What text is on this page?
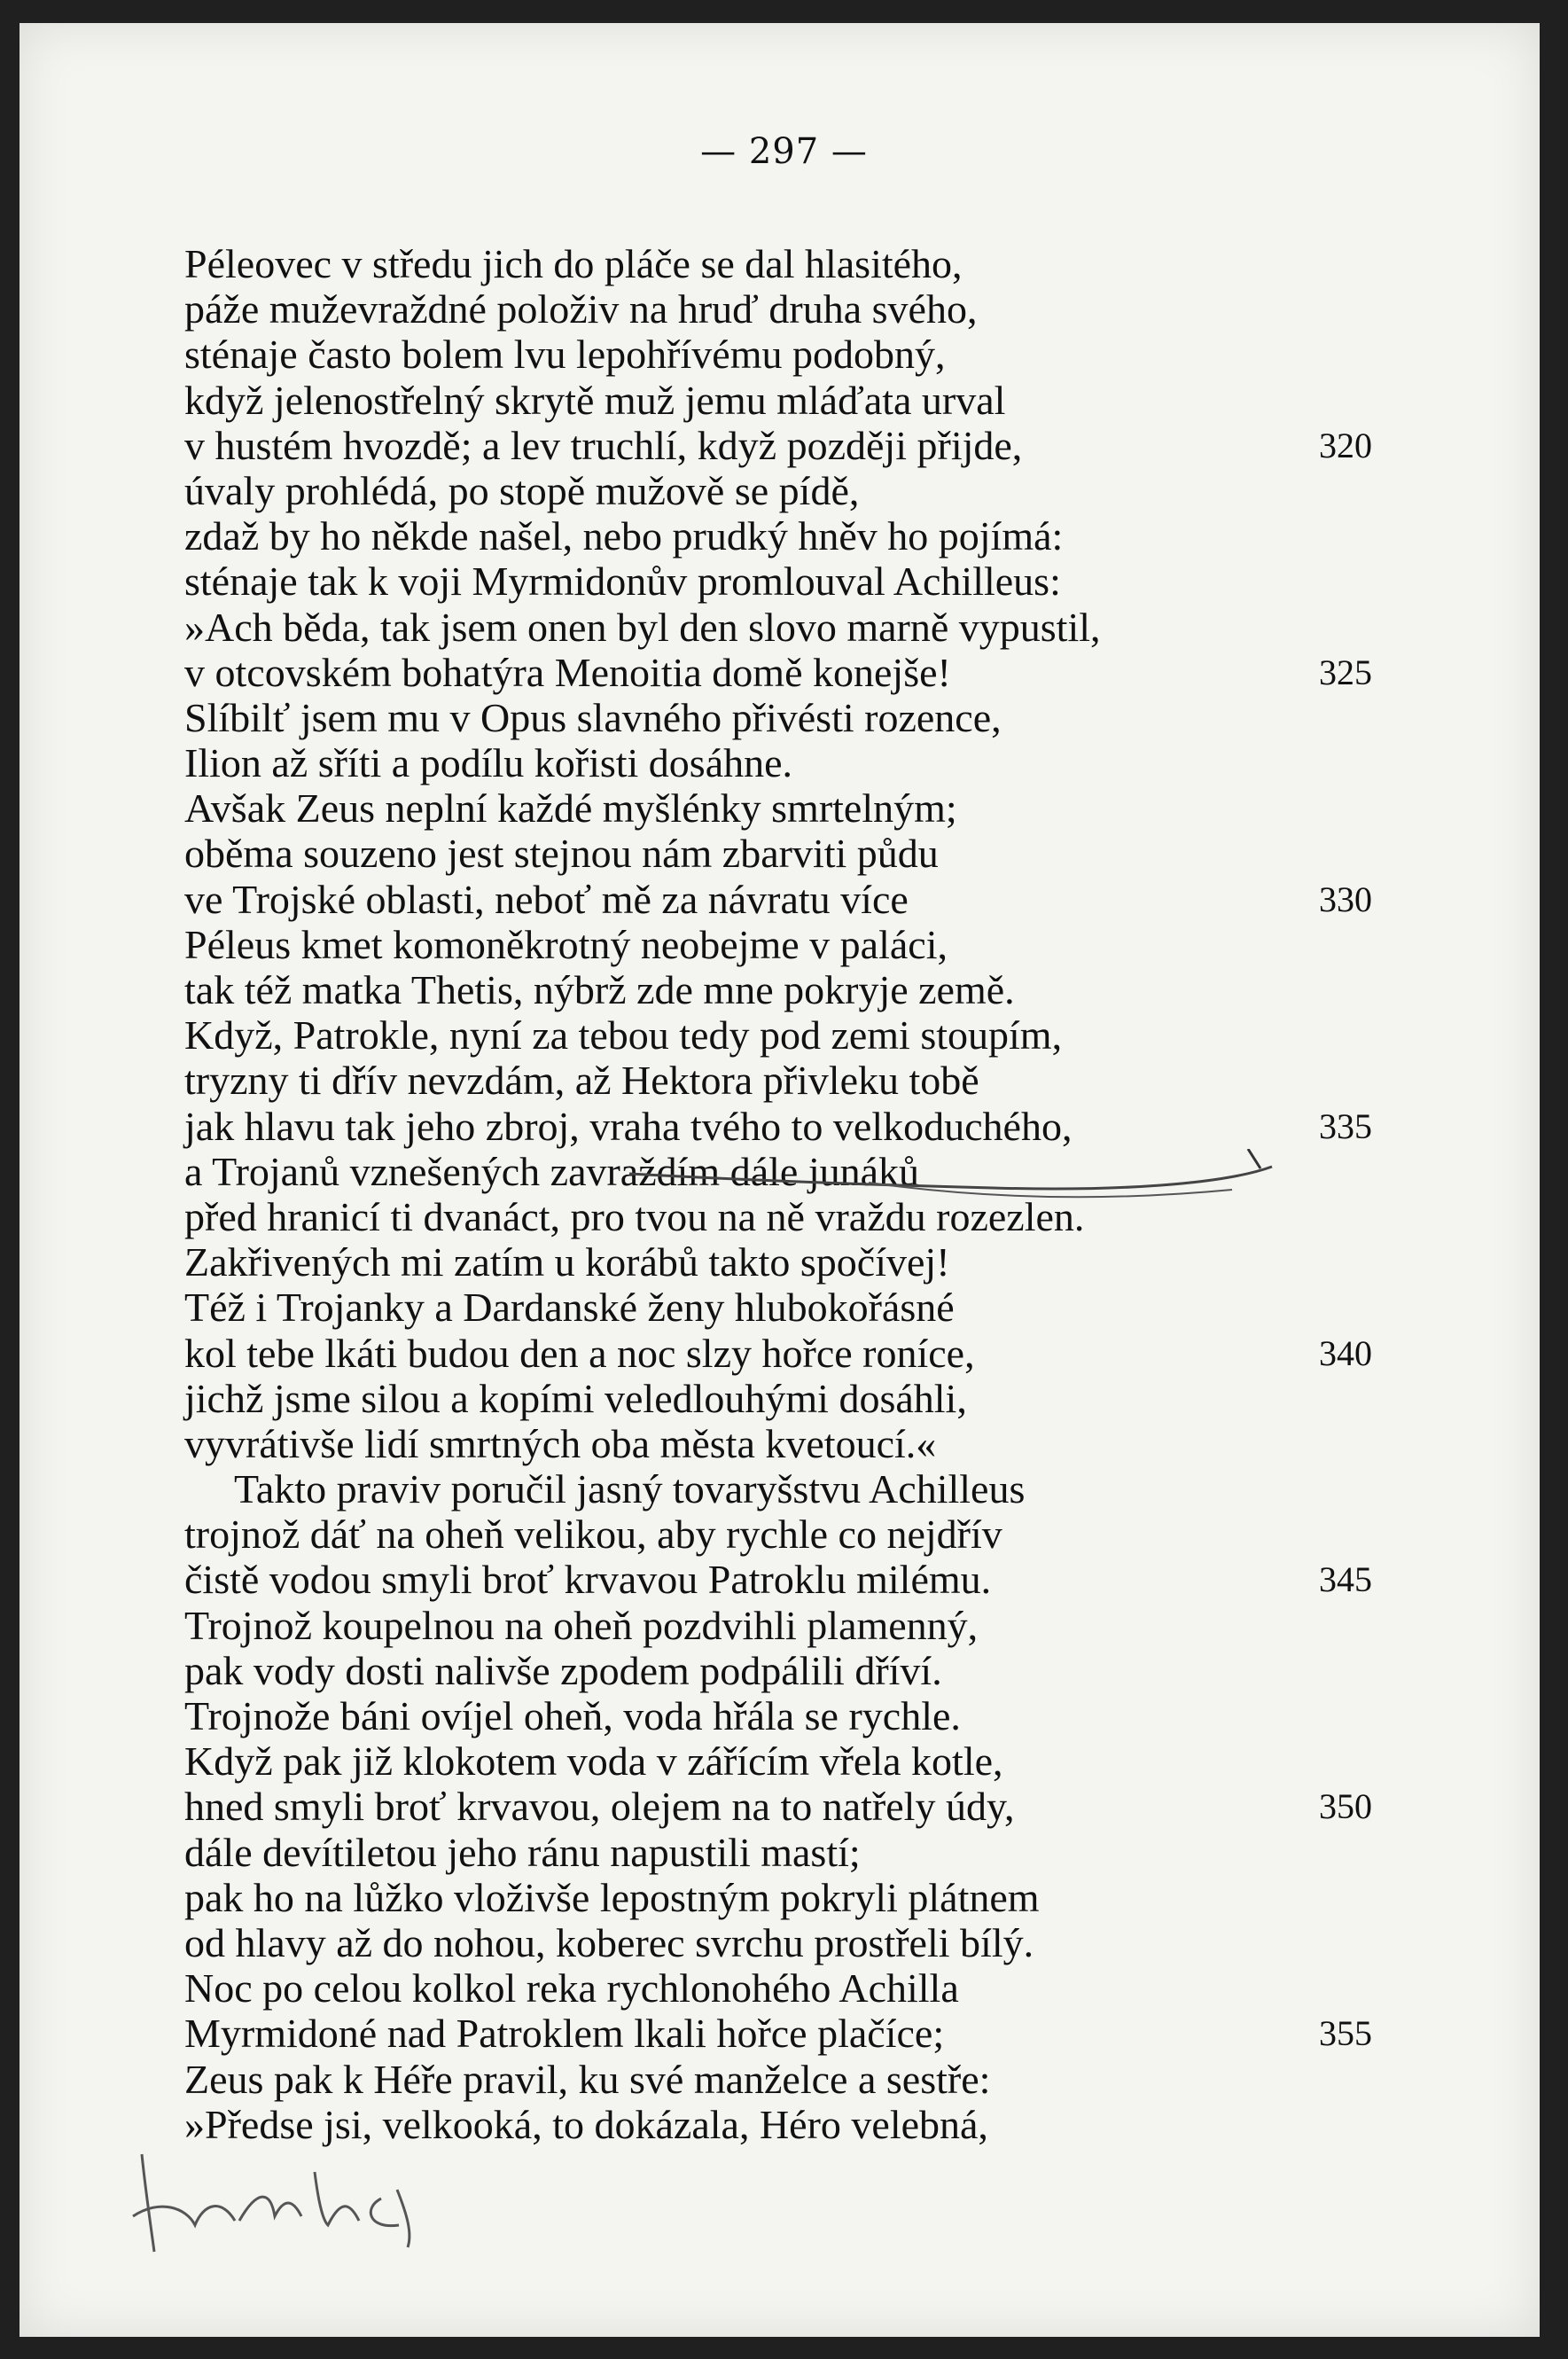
— 297 —
Péleovec v středu jich do pláče se dal hlasitého,
páže muževraždné položiv na hruď druha svého,
sténaje často bolem lvu lepohřívému podobný,
když jelenostřelný skrytě muž jemu mláďata urval
v hustém hvozdě; a lev truchlí, když později přijde,	320
úvaly prohlédá, po stopě mužově se pídě,
zdaž by ho někde našel, nebo prudký hněv ho pojímá:
sténaje tak k voji Myrmidonův promlouval Achilleus:
»Ach běda, tak jsem onen byl den slovo marně vypustil,
v otcovském bohatýra Menoitia domě konejše!	325
Slíbilť jsem mu v Opus slavného přivésti rozence,
Ilion až sříti a podílu kořisti dosáhne.
Avšak Zeus neplní každé myšlénky smrtelným;
oběma souzeno jest stejnou nám zbarviti půdu
ve Trojské oblasti, neboť mě za návratu více	330
Péleus kmet komoněkrotný neobejme v paláci,
tak též matka Thetis, nýbrž zde mne pokryje země.
Když, Patrokle, nyní za tebou tedy pod zemi stoupím,
tryzny ti dřív nevzdám, až Hektora přivleku tobě
jak hlavu tak jeho zbroj, vraha tvého to velkoduchého,	335
a Trojanů vznešených zavraždím dále junáků
před hranicí ti dvanáct, pro tvou na ně vraždu rozezlen.
Zakřivených mi zatím u korábů takto spočívej!
Též i Trojanky a Dardanské ženy hlubokořásné
kol tebe lkáti budou den a noc slzy hořce roníce,	340
jichž jsme silou a kopími veledlouhými dosáhli,
vyvrátivše lidí smrtných oba města kvetoucí.«
Takto praviv poručil jasný tovaryšstvu Achilleus
trojnož dáť na oheň velikou, aby rychle co nejdřív
čistě vodou smyli broť krvavou Patroklu milému.	345
Trojnož koupelnou na oheň pozdvihli plamenný,
pak vody dosti nalivše zpodem podpálili dříví.
Trojnože báni ovíjel oheň, voda hřála se rychle.
Když pak již klokotem voda v zářícím vřela kotle,
hned smyli broť krvavou, olejem na to natřely údy,	350
dále devítiletou jeho ránu napustili mastí;
pak ho na lůžko vloživše lepostným pokryli plátnem
od hlavy až do nohou, koberec svrchu prostřeli bílý.
Noc po celou kolkol reka rychlonohého Achilla
Myrmidoné nad Patroklem lkali hořce plačíce;	355
Zeus pak k Héře pravil, ku své manželce a sestře:
»Předse jsi, velkooká, to dokázala, Héro velebná,
